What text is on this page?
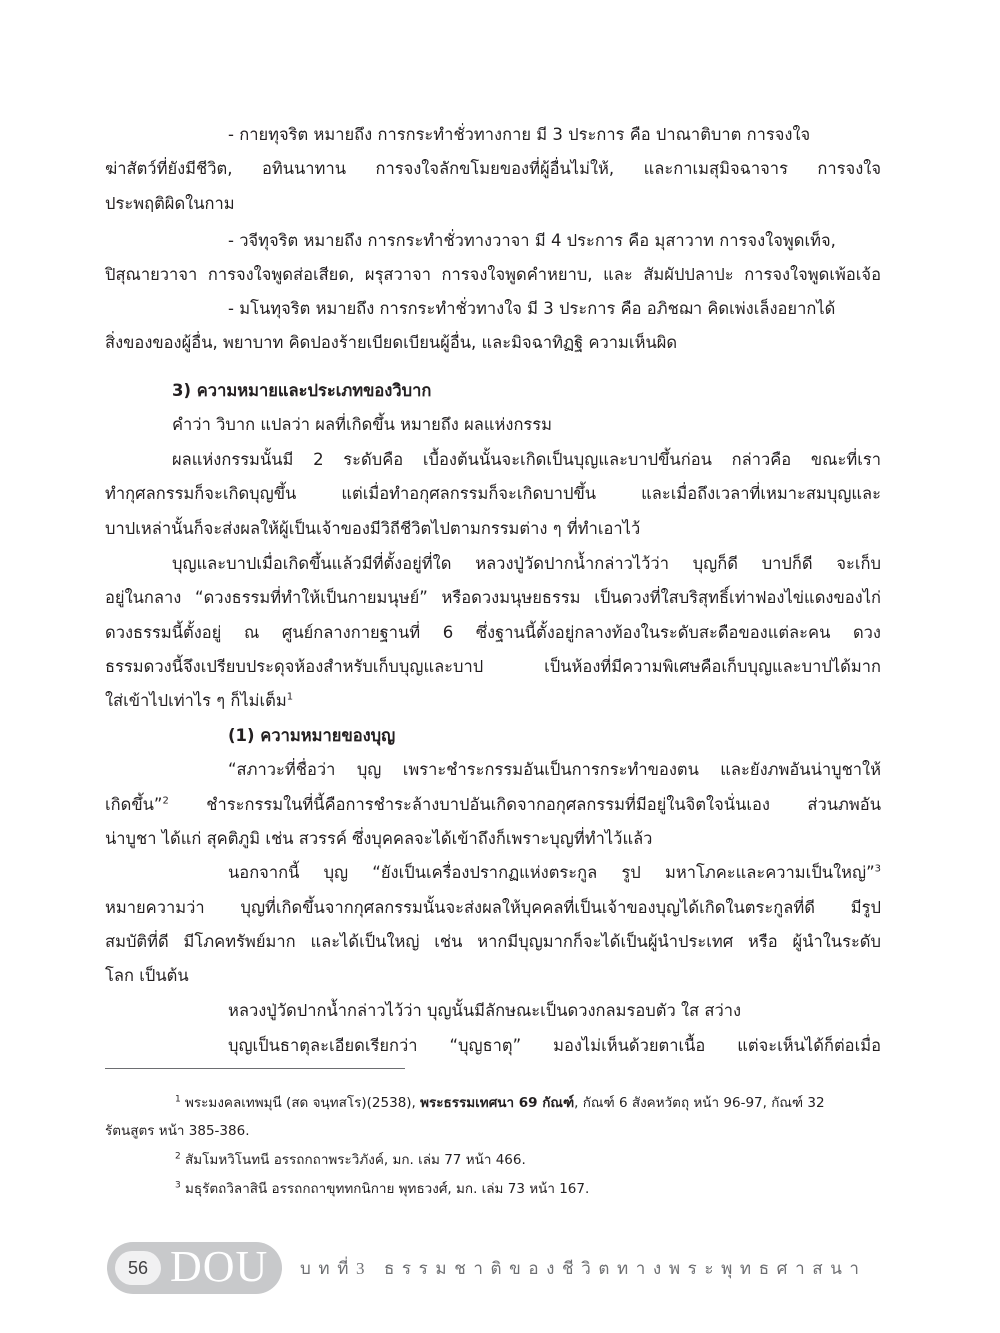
- กายทุจริต หมายถึง การกระทำชั่วทางกาย มี 3 ประการ คือ ปาณาติบาต การจงใจ

ฆ่าสัตว์ที่ยังมีชีวิต, อทินนาทาน การจงใจลักขโมยของที่ผู้อื่นไม่ให้, และกาเมสุมิจฉาจาร การจงใจ

ประพฤติผิดในกาม

- วจีทุจริต หมายถึง การกระทำชั่วทางวาจา มี 4 ประการ คือ มุสาวาท การจงใจพูดเท็จ,

ปิสุณายวาจา การจงใจพูดส่อเสียด, ผรุสวาจา การจงใจพูดคำหยาบ, และ สัมผัปปลาปะ การจงใจพูดเพ้อเจ้อ

- มโนทุจริต หมายถึง การกระทำชั่วทางใจ มี 3 ประการ คือ อภิชฌา คิดเพ่งเล็งอยากได้

สิ่งของของผู้อื่น, พยาบาท คิดปองร้ายเบียดเบียนผู้อื่น, และมิจฉาทิฏฐิ ความเห็นผิด

3) ความหมายและประเภทของวิบาก

คำว่า วิบาก แปลว่า ผลที่เกิดขึ้น หมายถึง ผลแห่งกรรม

ผลแห่งกรรมนั้นมี 2 ระดับคือ เบื้องต้นนั้นจะเกิดเป็นบุญและบาปขึ้นก่อน กล่าวคือ ขณะที่เรา

ทำกุศลกรรมก็จะเกิดบุญขึ้น แต่เมื่อทำอกุศลกรรมก็จะเกิดบาปขึ้น และเมื่อถึงเวลาที่เหมาะสมบุญและ

บาปเหล่านั้นก็จะส่งผลให้ผู้เป็นเจ้าของมีวิถีชีวิตไปตามกรรมต่าง ๆ ที่ทำเอาไว้

บุญและบาปเมื่อเกิดขึ้นแล้วมีที่ตั้งอยู่ที่ใด หลวงปู่วัดปากน้ำกล่าวไว้ว่า บุญก็ดี บาปก็ดี จะเก็บ

อยู่ในกลาง “ดวงธรรมที่ทำให้เป็นกายมนุษย์” หรือดวงมนุษยธรรม เป็นดวงที่ใสบริสุทธิ์เท่าฟองไข่แดงของไก่

ดวงธรรมนี้ตั้งอยู่ ณ ศูนย์กลางกายฐานที่ 6 ซึ่งฐานนี้ตั้งอยู่กลางท้องในระดับสะดือของแต่ละคน ดวง

ธรรมดวงนี้จึงเปรียบประดุจห้องสำหรับเก็บบุญและบาป เป็นห้องที่มีความพิเศษคือเก็บบุญและบาปได้มาก

ใส่เข้าไปเท่าไร ๆ ก็ไม่เต็ม$^1$

(1) ความหมายของบุญ

“สภาวะที่ชื่อว่า บุญ เพราะชำระกรรมอันเป็นการกระทำของตน และยังภพอันน่าบูชาให้

เกิดขึ้น”$^2$ ชำระกรรมในที่นี้คือการชำระล้างบาปอันเกิดจากอกุศลกรรมที่มีอยู่ในจิตใจนั่นเอง ส่วนภพอัน

น่าบูชา ได้แก่ สุคติภูมิ เช่น สวรรค์ ซึ่งบุคคลจะได้เข้าถึงก็เพราะบุญที่ทำไว้แล้ว

นอกจากนี้ บุญ “ยังเป็นเครื่องปรากฏแห่งตระกูล รูป มหาโภคะและความเป็นใหญ่”$^3$

หมายความว่า บุญที่เกิดขึ้นจากกุศลกรรมนั้นจะส่งผลให้บุคคลที่เป็นเจ้าของบุญได้เกิดในตระกูลที่ดี มีรูป

สมบัติที่ดี มีโภคทรัพย์มาก และได้เป็นใหญ่ เช่น หากมีบุญมากก็จะได้เป็นผู้นำประเทศ หรือ ผู้นำในระดับ

โลก เป็นต้น

หลวงปู่วัดปากน้ำกล่าวไว้ว่า บุญนั้นมีลักษณะเป็นดวงกลมรอบตัว ใส สว่าง

บุญเป็นธาตุละเอียดเรียกว่า “บุญธาตุ” มองไม่เห็นด้วยตาเนื้อ แต่จะเห็นได้ก็ต่อเมื่อ

$^1$ พระมงคลเทพมุนี (สด จนฺทสโร)(2538), พระธรรมเทศนา 69 กัณฑ์, กัณฑ์ 6 สังคหวัตถุ หน้า 96-97, กัณฑ์ 32

รัตนสูตร หน้า 385-386.

$^2$ สัมโมหวิโนทนี อรรถกถาพระวิภังค์, มก. เล่ม 77 หน้า 466.

$^3$ มธุรัตถวิลาสินี อรรถกถาขุททกนิกาย พุทธวงศ์, มก. เล่ม 73 หน้า 167.

56 DOU บทที่3 ธรรมชาติของชีวิตทางพระพุทธศาสนา
